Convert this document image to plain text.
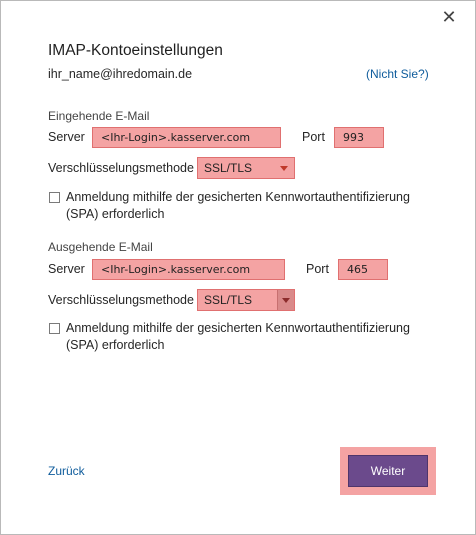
✕
IMAP-Kontoeinstellungen
ihr_name@ihredomain.de	(Nicht Sie?)
Eingehende E-Mail
Server	<Ihr-Login>.kasserver.com	Port	993
Verschlüsselungsmethode SSL/TLS
Anmeldung mithilfe der gesicherten Kennwortauthentifizierung
(SPA) erforderlich
Ausgehende E-Mail
Server	<Ihr-Login>.kasserver.com	Port	465
Verschlüsselungsmethode SSL/TLS
Anmeldung mithilfe der gesicherten Kennwortauthentifizierung
(SPA) erforderlich
Zurück	Weiter
